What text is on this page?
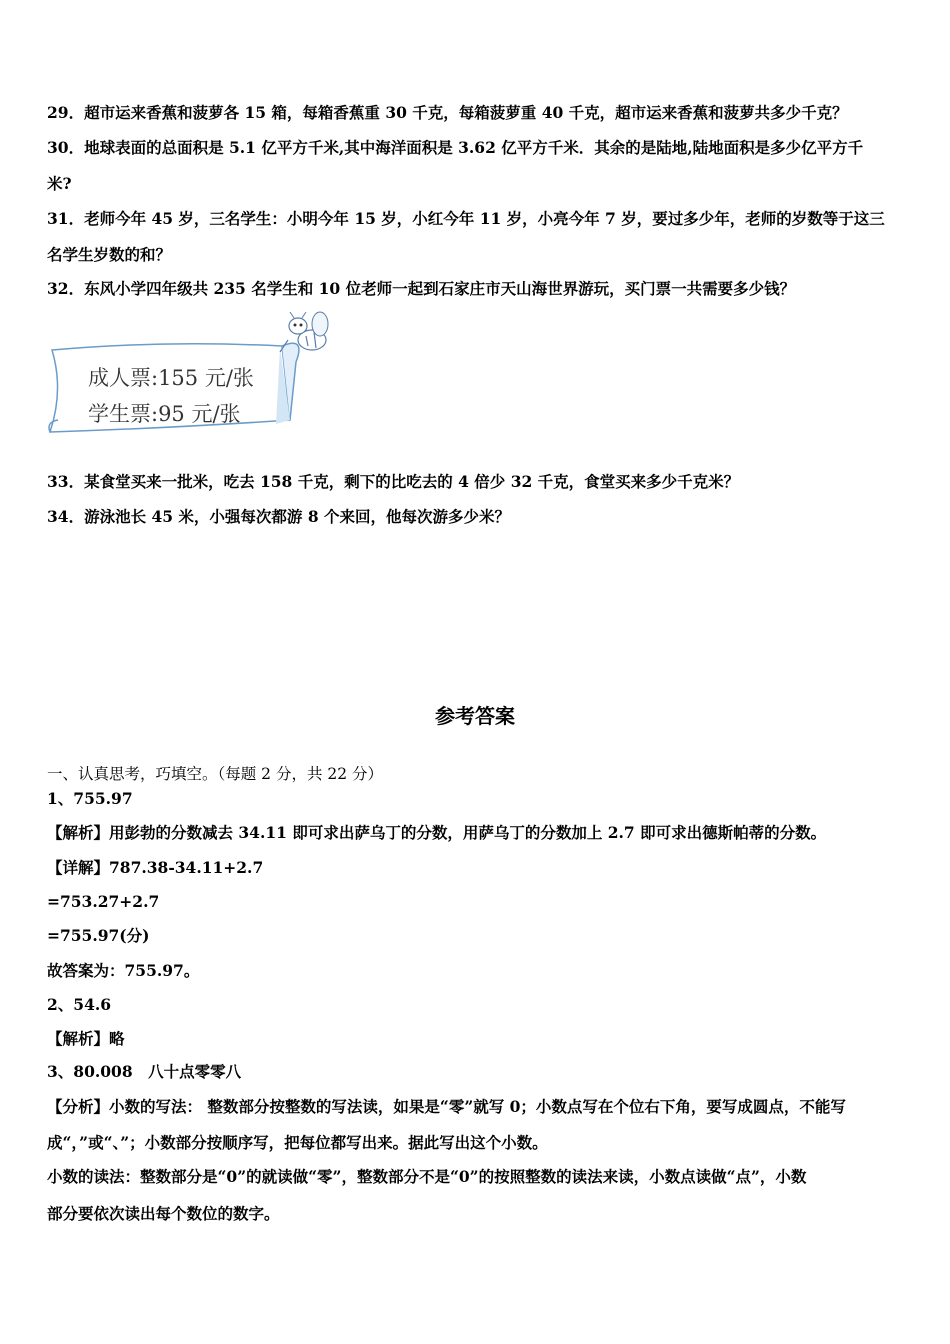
29．超市运来香蕉和菠萝各 15 箱，每箱香蕉重 30 千克，每箱菠萝重 40 千克，超市运来香蕉和菠萝共多少千克？
30．地球表面的总面积是 5.1 亿平方千米,其中海洋面积是 3.62 亿平方千米．其余的是陆地,陆地面积是多少亿平方千
米?
31．老师今年 45 岁，三名学生：小明今年 15 岁，小红今年 11 岁，小亮今年 7 岁，要过多少年，老师的岁数等于这三
名学生岁数的和？
32．东风小学四年级共 235 名学生和 10 位老师一起到石家庄市天山海世界游玩，买门票一共需要多少钱？
成人票:155 元/张
学生票:95 元/张
33．某食堂买来一批米，吃去 158 千克，剩下的比吃去的 4 倍少 32 千克，食堂买来多少千克米？
34．游泳池长 45 米，小强每次都游 8 个来回，他每次游多少米？
参考答案
一、认真思考，巧填空。（每题 2 分，共 22 分）
1、755.97
【解析】用彭勃的分数减去 34.11 即可求出萨乌丁的分数，用萨乌丁的分数加上 2.7 即可求出德斯帕蒂的分数。
【详解】787.38-34.11+2.7
=753.27+2.7
=755.97(分)
故答案为：755.97。
2、54.6
【解析】略
3、80.008　八十点零零八
【分析】小数的写法： 整数部分按整数的写法读，如果是“零”就写 0；小数点写在个位右下角，要写成圆点，不能写
成“，”或“、”；小数部分按顺序写，把每位都写出来。据此写出这个小数。
小数的读法：整数部分是“0”的就读做“零”，整数部分不是“0”的按照整数的读法来读，小数点读做“点”，小数
部分要依次读出每个数位的数字。
